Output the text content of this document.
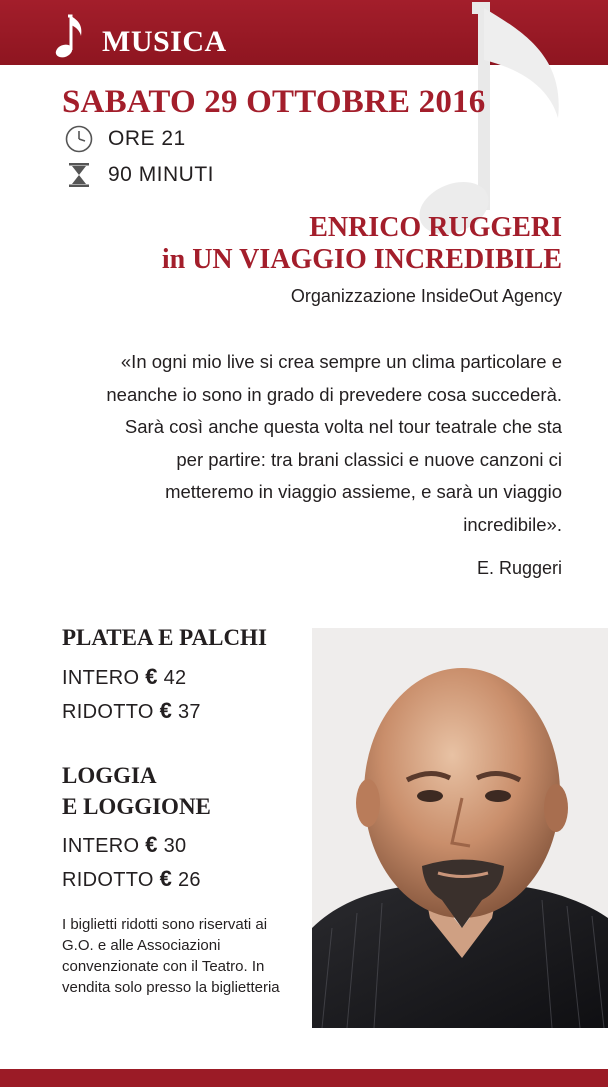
MUSICA
SABATO 29 OTTOBRE 2016
ORE 21
90 MINUTI
ENRICO RUGGERI
in UN VIAGGIO INCREDIBILE
Organizzazione InsideOut Agency

«In ogni mio live si crea sempre un clima particolare e neanche io sono in grado di prevedere cosa succederà. Sarà così anche questa volta nel tour teatrale che sta per partire: tra brani classici e nuove canzoni ci metteremo in viaggio assieme, e sarà un viaggio incredibile».

E. Ruggeri
PLATEA E PALCHI
INTERO € 42
RIDOTTO € 37
LOGGIA
E LOGGIONE
INTERO € 30
RIDOTTO € 26
I biglietti ridotti sono riservati ai G.O. e alle Associazioni convenzionate con il Teatro. In vendita solo presso la biglietteria
